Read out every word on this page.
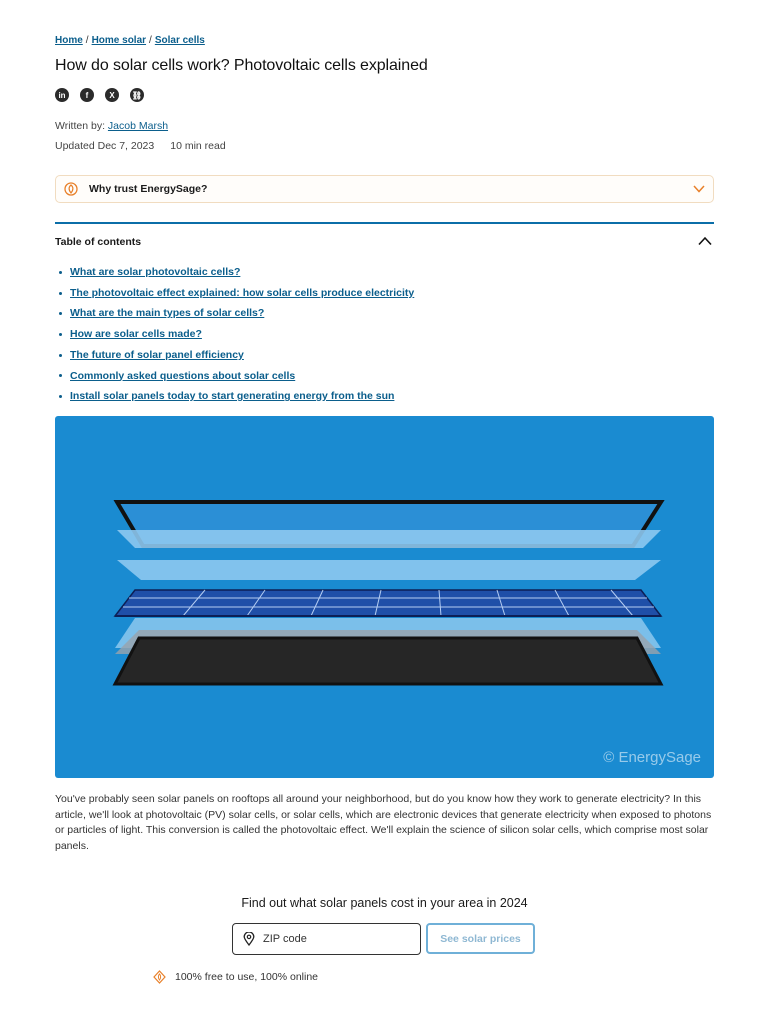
Home / Home solar / Solar cells
How do solar cells work? Photovoltaic cells explained
in	f	X ⛓
Written by: Jacob Marsh
Updated Dec 7, 2023 10 min read
Why trust EnergySage?
Table of contents
What are solar photovoltaic cells?
The photovoltaic effect explained: how solar cells produce electricity
What are the main types of solar cells?
How are solar cells made?
The future of solar panel efficiency
Commonly asked questions about solar cells
Install solar panels today to start generating energy from the sun
© EnergySage

You've probably seen solar panels on rooftops all around your neighborhood, but do you know how they work to generate electricity? In this article, we'll look at photovoltaic (PV) solar cells, or solar cells, which are electronic devices that generate electricity when exposed to photons or particles of light. This conversion is called the photovoltaic effect. We'll explain the science of silicon solar cells, which comprise most solar panels.

Find out what solar panels cost in your area in 2024
ZIP code
See solar prices
100% free to use, 100% online
